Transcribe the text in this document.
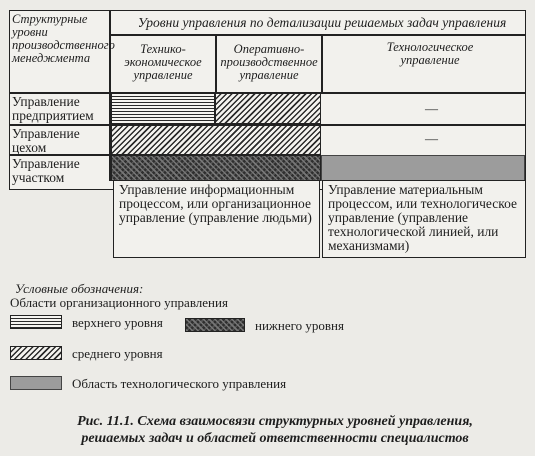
Структурные уровни производственного менеджмента
Уровни управления по детализации решаемых задач управления
Технико-экономическое управление
Оперативно-производственное управление
Технологическое управление
Управление предприятием
Управление цехом
Управление участком
—
—
Управление информационным процессом, или организационное управление (управление людьми)
Управление материальным процессом, или технологическое управление (управление технологической линией, или механизмами)
Условные обозначения:
Области организационного управления
верхнего уровня	нижнего уровня
среднего уровня
Область технологического управления
Рис. 11.1. Схема взаимосвязи структурных уровней управления,
решаемых задач и областей ответственности специалистов
